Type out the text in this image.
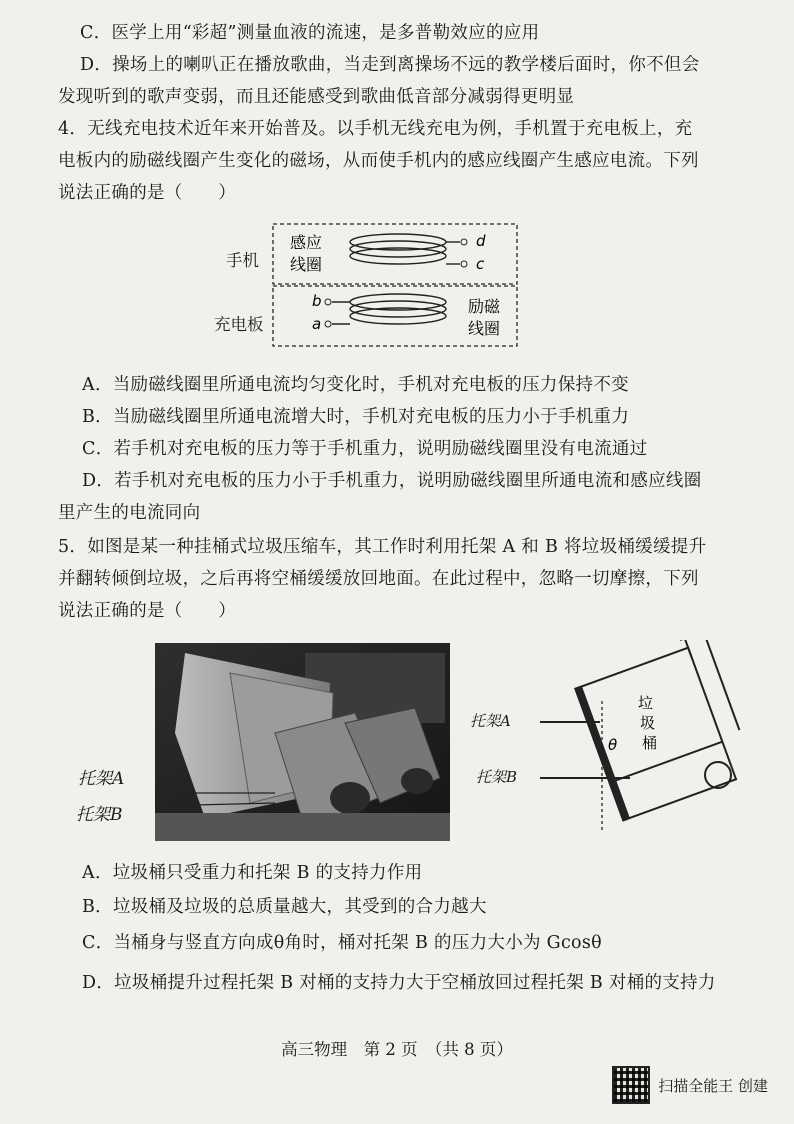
C．医学上用“彩超”测量血液的流速，是多普勒效应的应用
D．操场上的喇叭正在播放歌曲，当走到离操场不远的教学楼后面时，你不但会
发现听到的歌声变弱，而且还能感受到歌曲低音部分减弱得更明显
4．无线充电技术近年来开始普及。以手机无线充电为例，手机置于充电板上，充
电板内的励磁线圈产生变化的磁场，从而使手机内的感应线圈产生感应电流。下列
说法正确的是（　　）
手机
充电板
感应
线圈
d
c
b
a
励磁
线圈
A．当励磁线圈里所通电流均匀变化时，手机对充电板的压力保持不变
B．当励磁线圈里所通电流增大时，手机对充电板的压力小于手机重力
C．若手机对充电板的压力等于手机重力，说明励磁线圈里没有电流通过
D．若手机对充电板的压力小于手机重力，说明励磁线圈里所通电流和感应线圈
里产生的电流同向
5．如图是某一种挂桶式垃圾压缩车，其工作时利用托架 A 和 B 将垃圾桶缓缓提升
并翻转倾倒垃圾，之后再将空桶缓缓放回地面。在此过程中，忽略一切摩擦，下列
说法正确的是（　　）
托架A
托架B
托架A
托架B
垃
圾
桶
θ
A．垃圾桶只受重力和托架 B 的支持力作用
B．垃圾桶及垃圾的总质量越大，其受到的合力越大
C．当桶身与竖直方向成θ角时，桶对托架 B 的压力大小为 Gcosθ
D．垃圾桶提升过程托架 B 对桶的支持力大于空桶放回过程托架 B 对桶的支持力
高三物理　第 2 页　（共 8 页）
扫描全能王 创建
